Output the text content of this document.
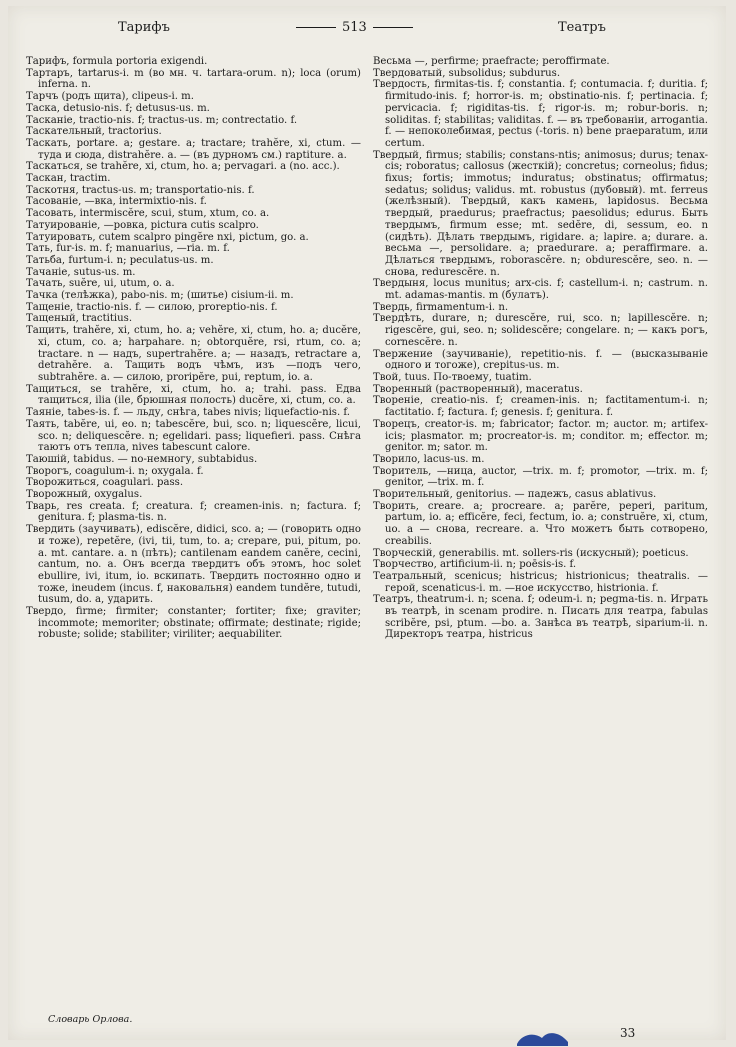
Тарифъ	513	Театръ
Тарифъ, formula portoria exigendi.
Тартаръ, tartarus-i. m (во мн. ч. tartara-orum. n); loca (orum) inferna. n.
Тарчъ (родъ щита), clipeus-i. m.
Таска, detusio-nis. f; detusus-us. m.
Тасканіе, tractio-nis. f; tractus-us. m; contrectatio. f.
Таскательный, tractorius.
Таскать, portare. a; gestare. a; tractare; trahĕre, xi, ctum. — туда и сюда, distrahĕre. a. — (въ дурномъ см.) raptiture. a.
Таскаться, se trahĕre, xi, ctum, ho. a; pervagari. a (no. acc.).
Таскан, tractim.
Таскотня, tractus-us. m; transportatio-nis. f.
Тасованіе, —вка, intermixtio-nis. f.
Тасовать, intermiscĕre, scui, stum, xtum, co. a.
Татуированіе, —ровка, pictura cutis scalpro.
Татуировать, cutem scalpro pingĕre nxi, pictum, go. a.
Тать, fur-is. m. f; manuarius, —ria. m. f.
Татьба, furtum-i. n; peculatus-us. m.
Тачаніе, sutus-us. m.
Тачать, suĕre, ui, utum, o. a.
Тачка (телѣжка), pabo-nis. m; (шитье) cisium-ii. m.
Тащеніе, tractio-nis. f. — силою, proreptio-nis. f.
Тащеный, tractitius.
Тащить, trahĕre, xi, ctum, ho. a; vehĕre, xi, ctum, ho. a; ducĕre, xi, ctum, co. a; harpahare. n; obtorquĕre, rsi, rtum, co. a; tractare. n — надъ, supertrahĕre. a; — назадъ, retractare a, detrahĕre. a. Тащить водъ чѣмъ, изъ —подъ чего, subtrahĕre. a. — силою, proripĕre, pui, reptum, io. a.
Тащиться, se trahĕre, xi, ctum, ho. a; trahi. pass. Едва тащиться, ilia (ile, брюшная полость) ducĕre, xi, ctum, co. a.
Таяніе, tabes-is. f. — льду, снѣга, tabes nivis; liquefactio-nis. f.
Таять, tabĕre, ui, eo. n; tabescĕre, bui, sco. n; liquescĕre, licui, sco. n; deliquescĕre. n; egelidari. pass; liquefieri. pass. Снѣга таютъ отъ тепла, nives tabescunt calore.
Таюшій, tabidus. — no-немногу, subtabidus.
Творогъ, coagulum-i. n; oxygala. f.
Творожиться, coagulari. pass.
Творожный, oxygalus.
Тварь, res creata. f; creatura. f; creamen-inis. n; factura. f; genitura. f; plasma-tis. n.
Твердить (заучивать), ediscĕre, didici, sco. a; — (говорить одно и тоже), repetĕre, (ivi, tii, tum, to. a; crepare, pui, pitum, po. a. mt. cantare. a. n (пѣть); cantilenam eandem canĕre, cecini, cantum, no. a. Онъ всегда твердитъ объ этомъ, hoc solet ebullire, ivi, itum, io. вскипать. Твердить постоянно одно и тоже, ineudem (incus. f, наковальня) eandem tundĕre, tutudi, tusum, do. a, ударить.
Твердо, firme; firmiter; constanter; fortiter; fixe; graviter; incommote; memoriter; obstinate; offirmate; destinate; rigide; robuste; solide; stabiliter; viriliter; aequabiliter.
Весьма —, perfirme; praefracte; peroffirmate.
Твердоватый, subsolidus; subdurus.
Твердость, firmitas-tis. f; constantia. f; contumacia. f; duritia. f; firmitudo-inis. f; horror-is. m; obstinatio-nis. f; pertinacia. f; pervicacia. f; rigiditas-tis. f; rigor-is. m; robur-boris. n; soliditas. f; stabilitas; validitas. f. — въ требованіи, arrogantia. f. — непоколебимая, pectus (-toris. n) bene praeparatum, или certum.
Твердый, firmus; stabilis; constans-ntis; animosus; durus; tenax-cis; roboratus; callosus (жесткій); concretus; corneolus; fidus; fixus; fortis; immotus; induratus; obstinatus; offirmatus; sedatus; solidus; validus. mt. robustus (дубовый). mt. ferreus (желѣзный). Твердый, какъ камень, lapidosus. Весьма твердый, praedurus; praefractus; paesolidus; edurus. Быть твердымъ, firmum esse; mt. sedĕre, di, sessum, eo. n (сидѣть). Дѣлать твердымъ, rigidare. a; lapire. a; durare. a. весьма —, persolidare. a; praedurare. a; peraffirmare. a. Дѣлаться твердымъ, roborascĕre. n; obdurescĕre, seo. n. — снова, redurescĕre. n.
Твердыня, locus munitus; arx-cis. f; castellum-i. n; castrum. n. mt. adamas-mantis. m (булатъ).
Твердь, firmamentum-i. n.
Твердѣть, durare, n; durescĕre, rui, sco. n; lapillescĕre. n; rigescĕre, gui, seo. n; solidescĕre; congelare. n; — какъ рогъ, cornescĕre. n.
Твержение (заучиваніе), repetitio-nis. f. — (высказываніе одного и тогоже), crepitus-us. m.
Твой, tuus. По-твоему, tuatim.
Творенный (растворенный), maceratus.
Твореніе, creatio-nis. f; creamen-inis. n; factitamentum-i. n; factitatio. f; factura. f; genesis. f; genitura. f.
Творецъ, creator-is. m; fabricator; factor. m; auctor. m; artifex-icis; plasmator. m; procreator-is. m; conditor. m; effector. m; genitor. m; sator. m.
Творило, lacus-us. m.
Творитель, —ница, auctor, —trix. m. f; promotor, —trix. m. f; genitor, —trix. m. f.
Творительный, genitorius. — падежъ, casus ablativus.
Творить, creare. a; procreare. a; parĕre, peperi, paritum, partum, io. a; efficĕre, feci, fectum, io. a; construĕre, xi, ctum, uo. a — снова, recreare. a. Что можетъ быть сотворено, creabilis.
Творческій, generabilis. mt. sollers-ris (искусный); poeticus.
Творчество, artificium-ii. n; poēsis-is. f.
Театральный, scenicus; histricus; histrionicus; theatralis. — герой, scenaticus-i. m. —ное искусство, histrionia. f.
Театръ, theatrum-i. n; scena. f; odeum-i. n; pegma-tis. n. Играть въ театрѣ, in scenam prodire. n. Писать для театра, fabulas scribĕre, psi, ptum. —bo. a. Занѣса въ театрѣ, siparium-ii. n. Директоръ театра, histricus
Словарь Орлова.
33
